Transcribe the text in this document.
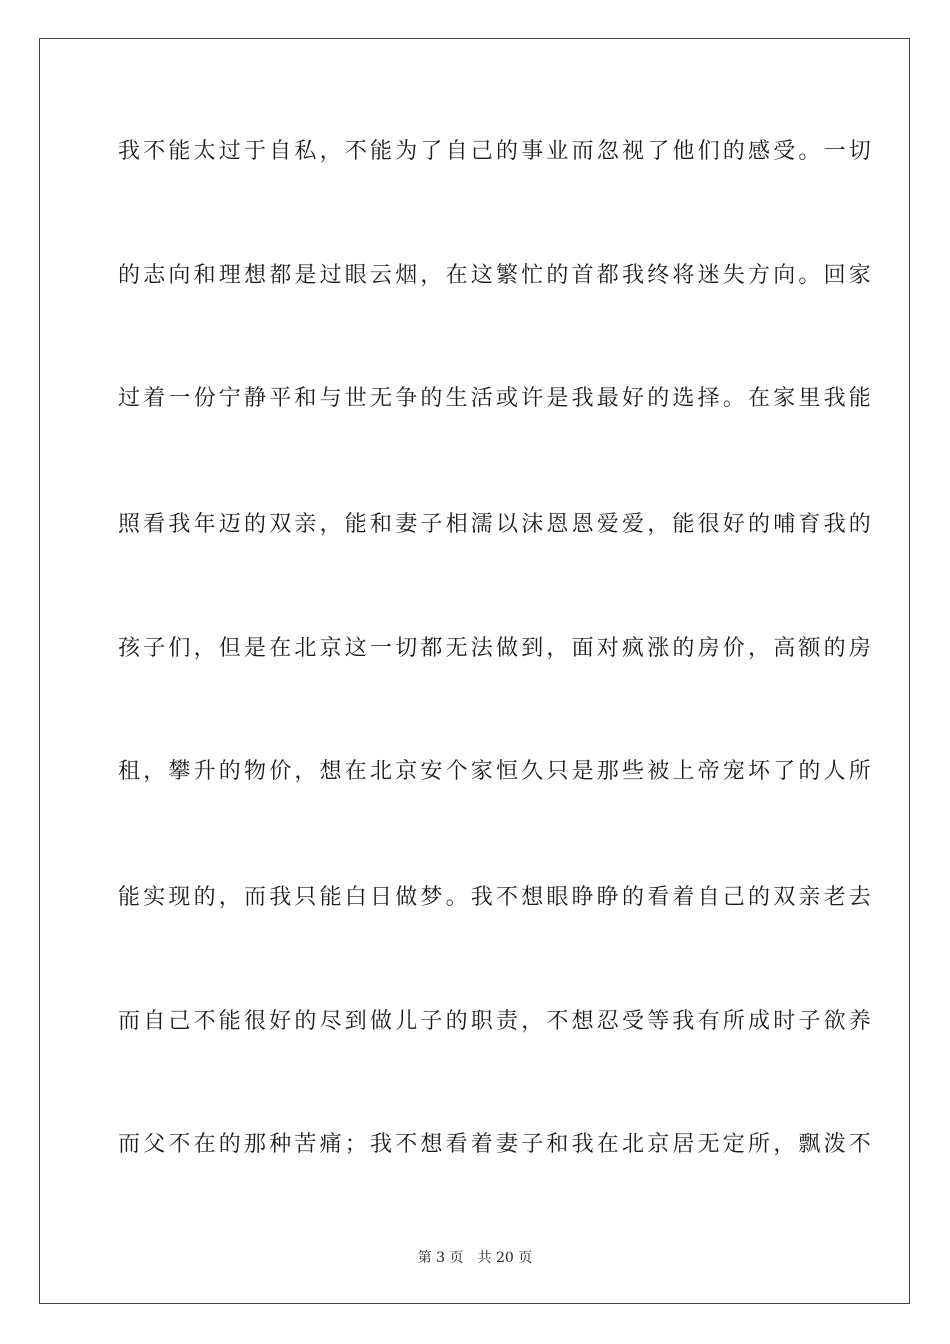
我不能太过于自私，不能为了自己的事业而忽视了他们的感受。一切
的志向和理想都是过眼云烟，在这繁忙的首都我终将迷失方向。回家
过着一份宁静平和与世无争的生活或许是我最好的选择。在家里我能
照看我年迈的双亲，能和妻子相濡以沫恩恩爱爱，能很好的哺育我的
孩子们，但是在北京这一切都无法做到，面对疯涨的房价，高额的房
租，攀升的物价，想在北京安个家恒久只是那些被上帝宠坏了的人所
能实现的，而我只能白日做梦。我不想眼睁睁的看着自己的双亲老去
而自己不能很好的尽到做儿子的职责，不想忍受等我有所成时子欲养
而父不在的那种苦痛；我不想看着妻子和我在北京居无定所，飘泼不
第 3 页 共 20 页
